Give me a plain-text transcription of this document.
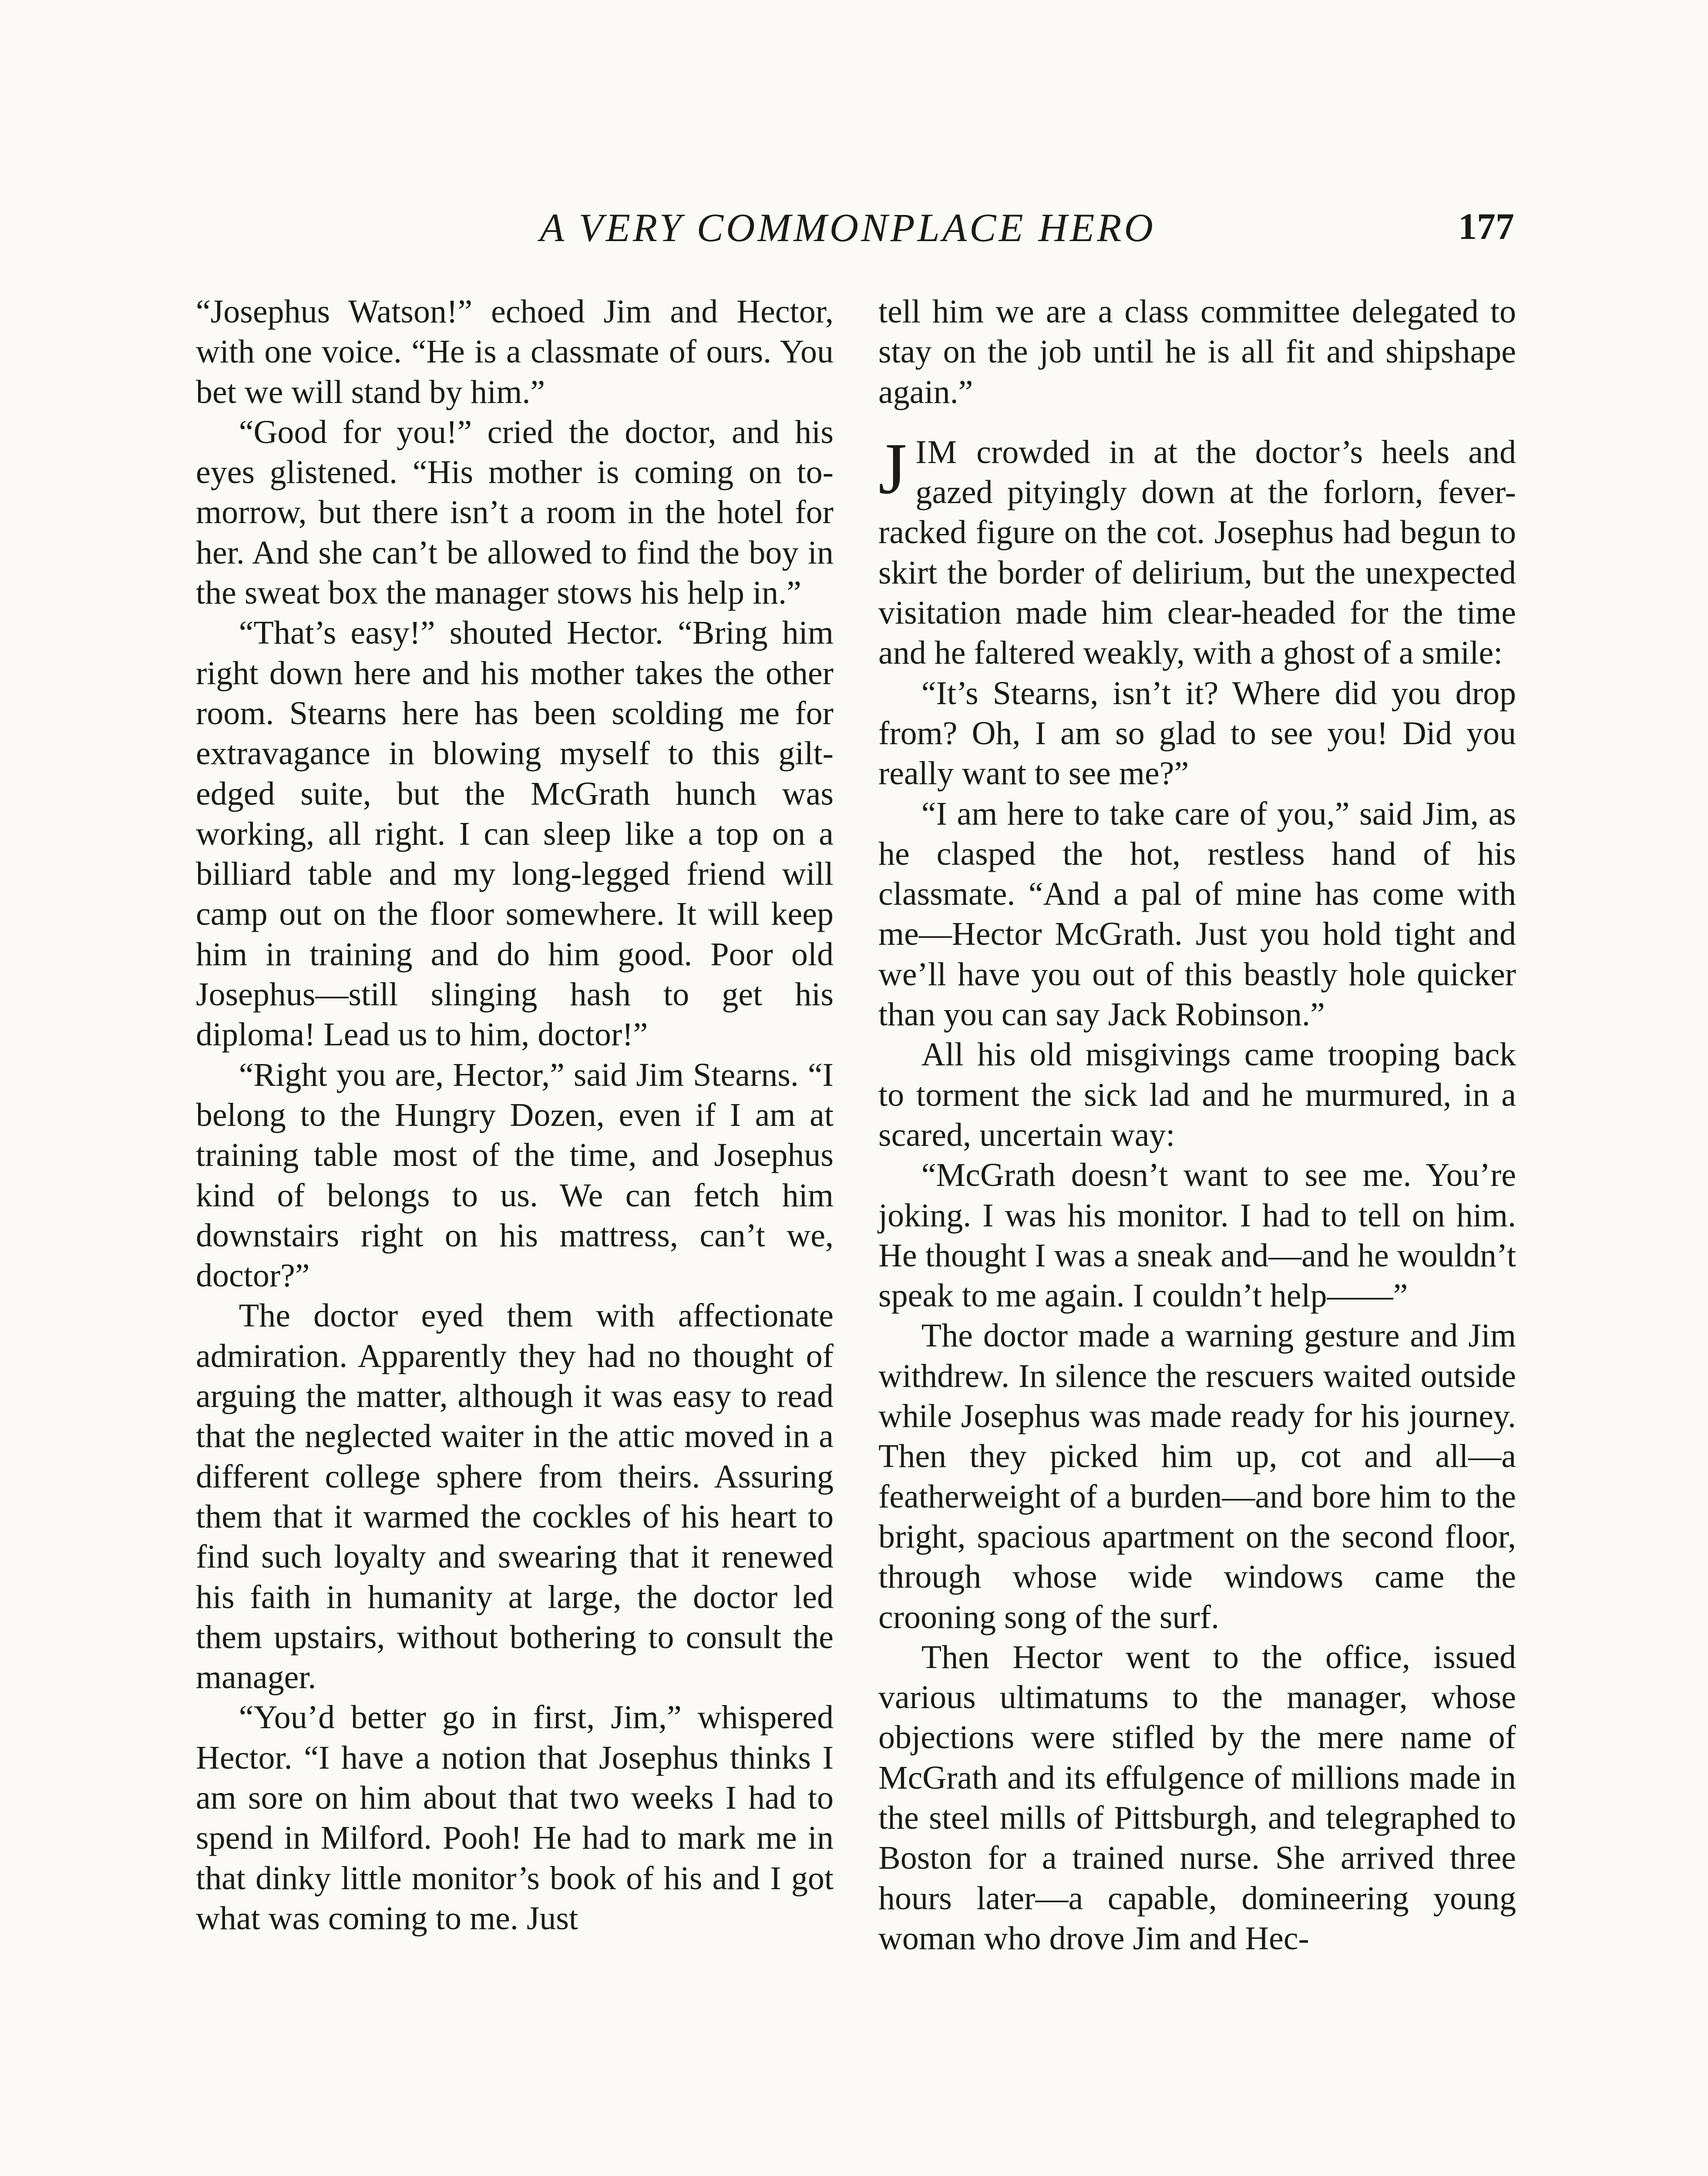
A VERY COMMONPLACE HERO	177

“Josephus Watson!” echoed Jim and Hector, with one voice. “He is a classmate of ours. You bet we will stand by him.”

“Good for you!” cried the doctor, and his eyes glistened. “His mother is coming on to-morrow, but there isn’t a room in the hotel for her. And she can’t be allowed to find the boy in the sweat box the manager stows his help in.”

“That’s easy!” shouted Hector. “Bring him right down here and his mother takes the other room. Stearns here has been scolding me for extravagance in blowing myself to this gilt-edged suite, but the McGrath hunch was working, all right. I can sleep like a top on a billiard table and my long-legged friend will camp out on the floor somewhere. It will keep him in training and do him good. Poor old Josephus—still slinging hash to get his diploma! Lead us to him, doctor!”

“Right you are, Hector,” said Jim Stearns. “I belong to the Hungry Dozen, even if I am at training table most of the time, and Josephus kind of belongs to us. We can fetch him downstairs right on his mattress, can’t we, doctor?”

The doctor eyed them with affectionate admiration. Apparently they had no thought of arguing the matter, although it was easy to read that the neglected waiter in the attic moved in a different college sphere from theirs. Assuring them that it warmed the cockles of his heart to find such loyalty and swearing that it renewed his faith in humanity at large, the doctor led them upstairs, without bothering to consult the manager.

“You’d better go in first, Jim,” whispered Hector. “I have a notion that Josephus thinks I am sore on him about that two weeks I had to spend in Milford. Pooh! He had to mark me in that dinky little monitor’s book of his and I got what was coming to me. Just

tell him we are a class committee delegated to stay on the job until he is all fit and shipshape again.”

JIM crowded in at the doctor’s heels and gazed pityingly down at the forlorn, fever-racked figure on the cot. Josephus had begun to skirt the border of delirium, but the unexpected visitation made him clear-headed for the time and he faltered weakly, with a ghost of a smile:

“It’s Stearns, isn’t it? Where did you drop from? Oh, I am so glad to see you! Did you really want to see me?”

“I am here to take care of you,” said Jim, as he clasped the hot, restless hand of his classmate. “And a pal of mine has come with me—Hector McGrath. Just you hold tight and we’ll have you out of this beastly hole quicker than you can say Jack Robinson.”

All his old misgivings came trooping back to torment the sick lad and he murmured, in a scared, uncertain way:

“McGrath doesn’t want to see me. You’re joking. I was his monitor. I had to tell on him. He thought I was a sneak and—and he wouldn’t speak to me again. I couldn’t help——”

The doctor made a warning gesture and Jim withdrew. In silence the rescuers waited outside while Josephus was made ready for his journey. Then they picked him up, cot and all—a featherweight of a burden—and bore him to the bright, spacious apartment on the second floor, through whose wide windows came the crooning song of the surf.

Then Hector went to the office, issued various ultimatums to the manager, whose objections were stifled by the mere name of McGrath and its effulgence of millions made in the steel mills of Pittsburgh, and telegraphed to Boston for a trained nurse. She arrived three hours later—a capable, domineering young woman who drove Jim and Hec-
